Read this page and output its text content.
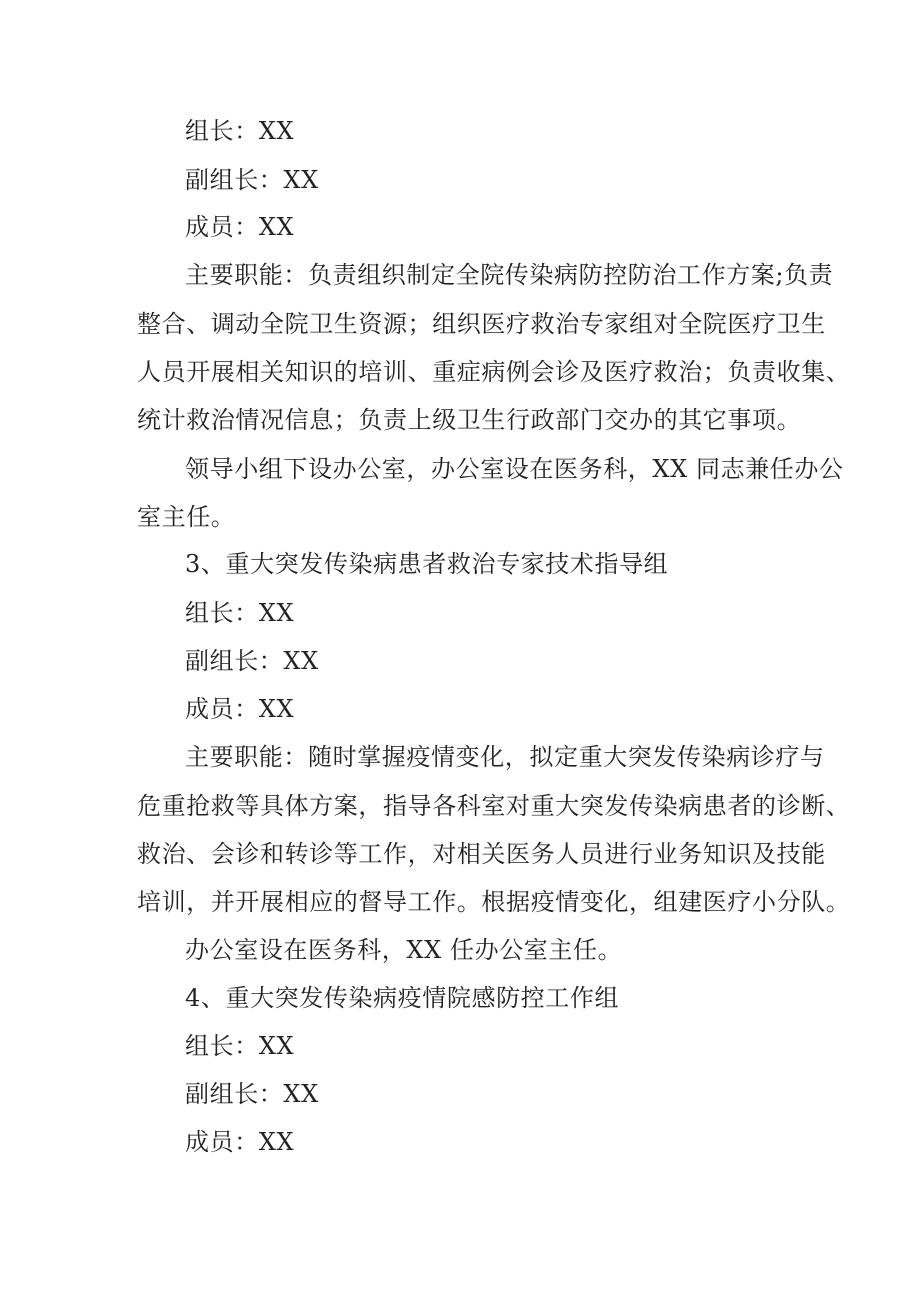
组长：XX
副组长：XX
成员：XX
主要职能：负责组织制定全院传染病防控防治工作方案;负责
整合、调动全院卫生资源；组织医疗救治专家组对全院医疗卫生
人员开展相关知识的培训、重症病例会诊及医疗救治；负责收集、
统计救治情况信息；负责上级卫生行政部门交办的其它事项。
领导小组下设办公室，办公室设在医务科，XX 同志兼任办公
室主任。
3、重大突发传染病患者救治专家技术指导组
组长：XX
副组长：XX
成员：XX
主要职能：随时掌握疫情变化，拟定重大突发传染病诊疗与
危重抢救等具体方案，指导各科室对重大突发传染病患者的诊断、
救治、会诊和转诊等工作，对相关医务人员进行业务知识及技能
培训，并开展相应的督导工作。根据疫情变化，组建医疗小分队。
办公室设在医务科，XX 任办公室主任。
4、重大突发传染病疫情院感防控工作组
组长：XX
副组长：XX
成员：XX
